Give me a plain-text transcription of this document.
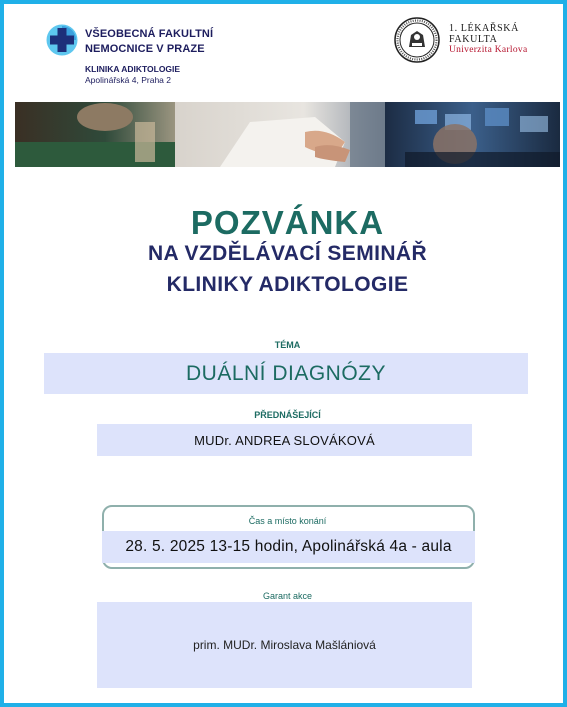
VŠEOBECNÁ FAKULTNÍ
NEMOCNICE V PRAZE
KLINIKA ADIKTOLOGIE
Apolinářská 4, Praha 2
1. LÉKAŘSKÁ
FAKULTA
Univerzita Karlova
POZVÁNKA
NA VZDĚLÁVACÍ SEMINÁŘ
KLINIKY ADIKTOLOGIE
TÉMA
DUÁLNÍ DIAGNÓZY
PŘEDNÁŠEJÍCÍ
MUDr. ANDREA SLOVÁKOVÁ
Čas a místo konání
28. 5. 2025 13-15 hodin, Apolinářská 4a - aula
Garant akce
prim. MUDr. Miroslava Mašlániová
